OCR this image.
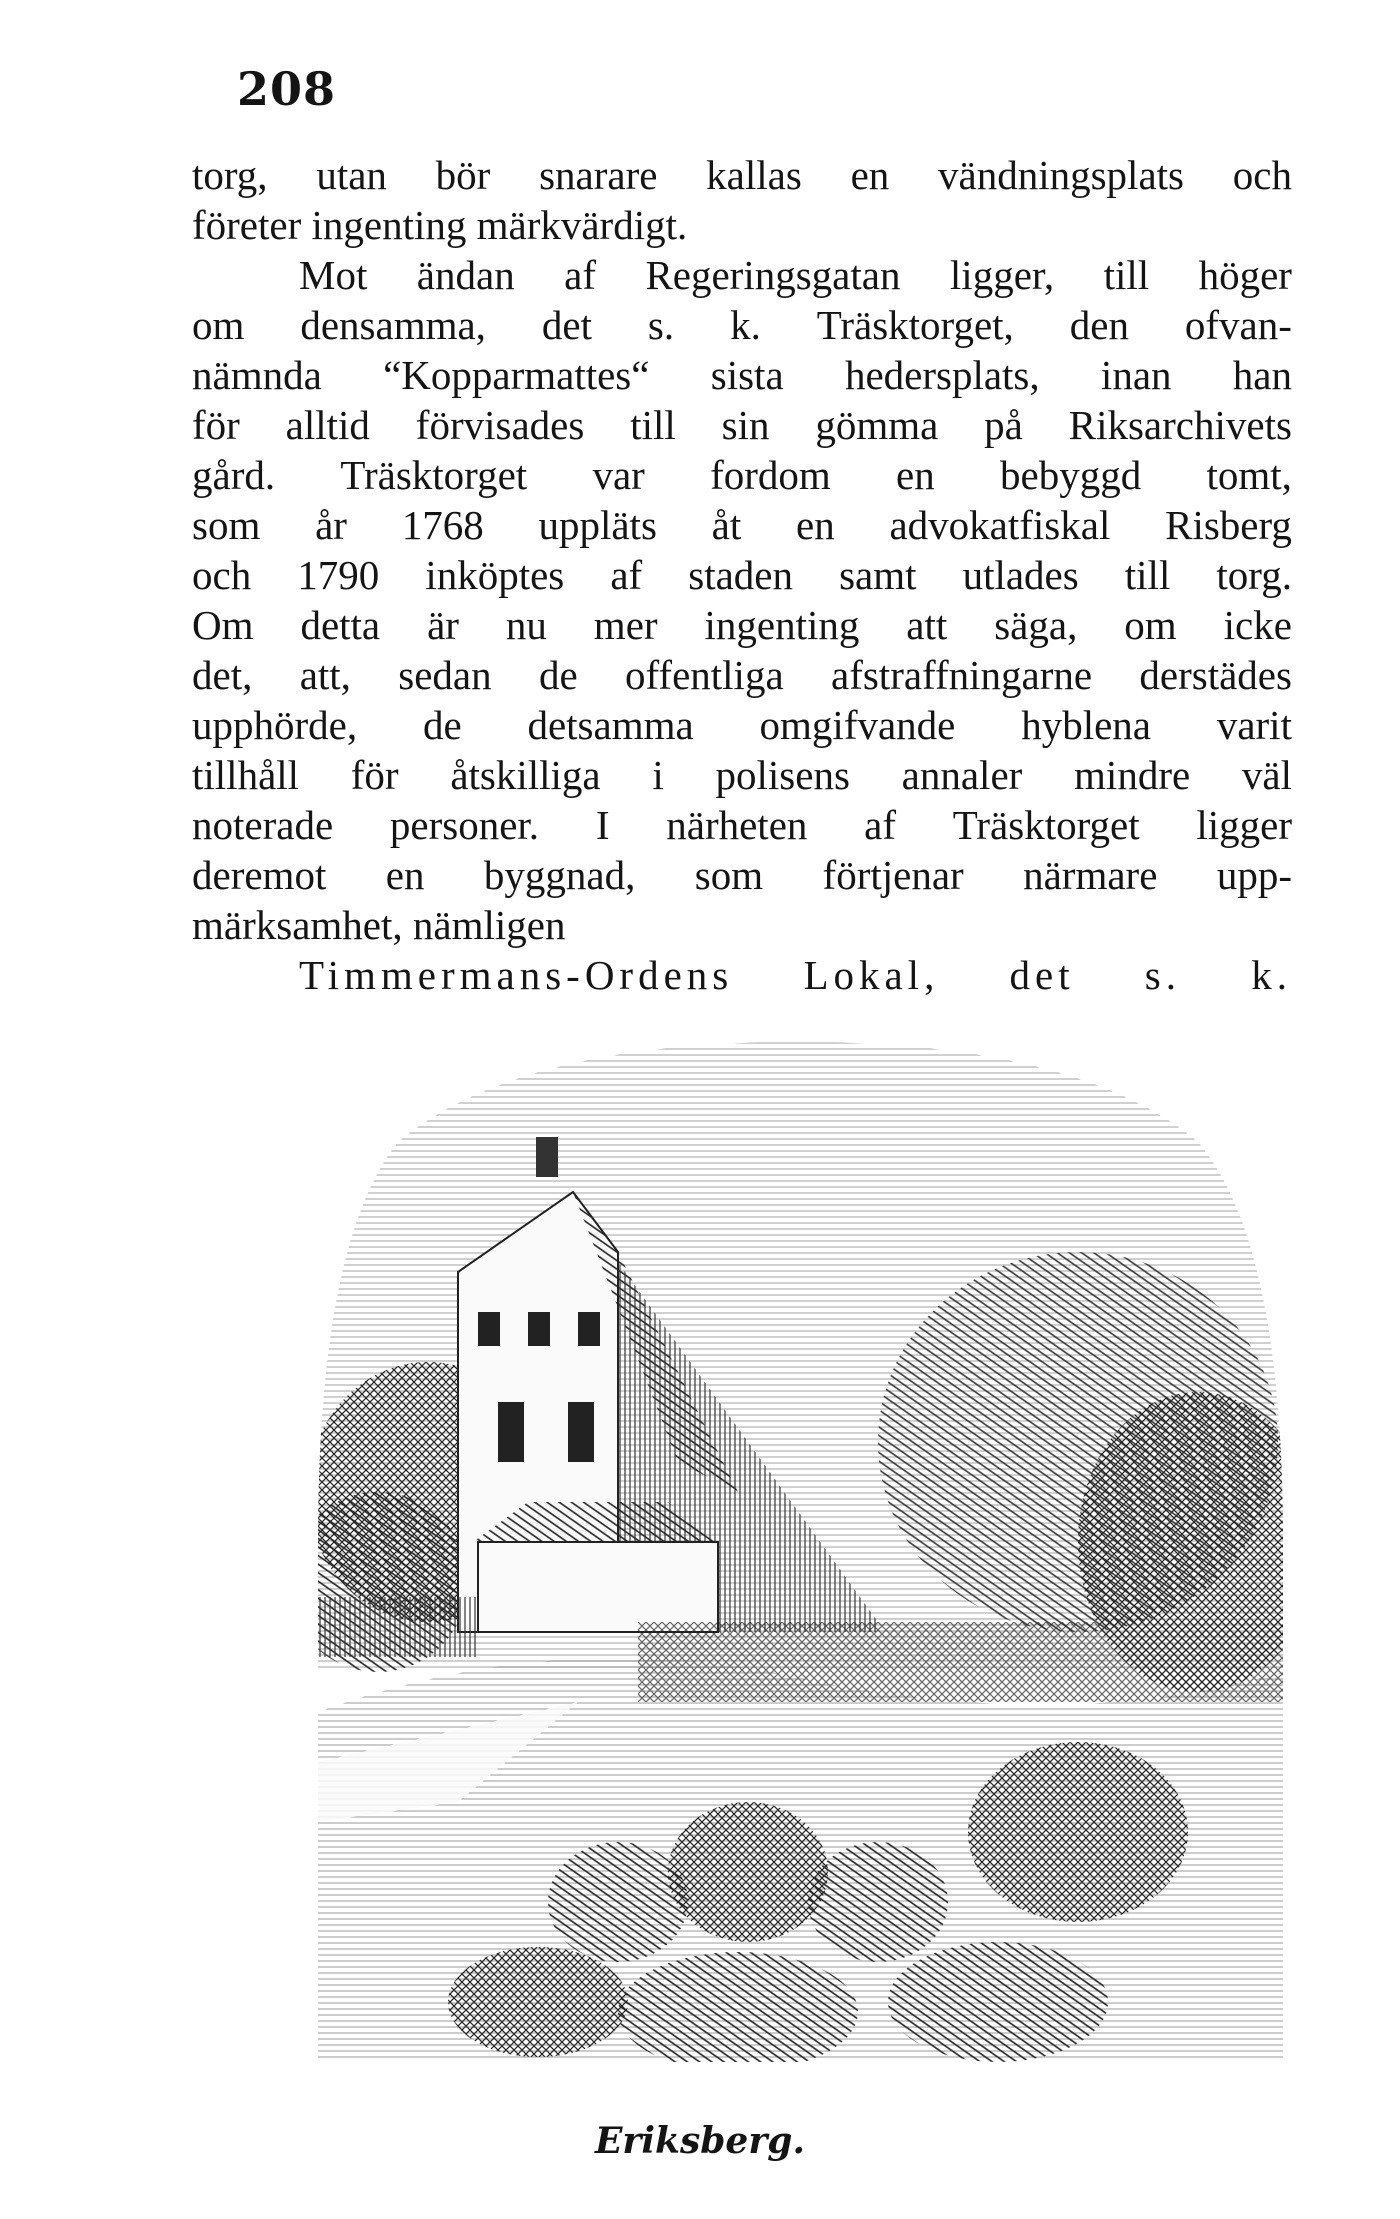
208
torg, utan bör snarare kallas en vändningsplats och
företer ingenting märkvärdigt.
Mot ändan af Regeringsgatan ligger, till höger
om densamma, det s. k. Träsktorget, den ofvan-
nämnda “Kopparmattes“ sista hedersplats, inan han
för alltid förvisades till sin gömma på Riksarchivets
gård. Träsktorget var fordom en bebyggd tomt,
som år 1768 uppläts åt en advokatfiskal Risberg
och 1790 inköptes af staden samt utlades till torg.
Om detta är nu mer ingenting att säga, om icke
det, att, sedan de offentliga afstraffningarne derstädes
upphörde, de detsamma omgifvande hyblena varit
tillhåll för åtskilliga i polisens annaler mindre väl
noterade personer. I närheten af Träsktorget ligger
deremot en byggnad, som förtjenar närmare upp-
märksamhet, nämligen
Timmermans-Ordens Lokal, det s. k.
Eriksberg.
